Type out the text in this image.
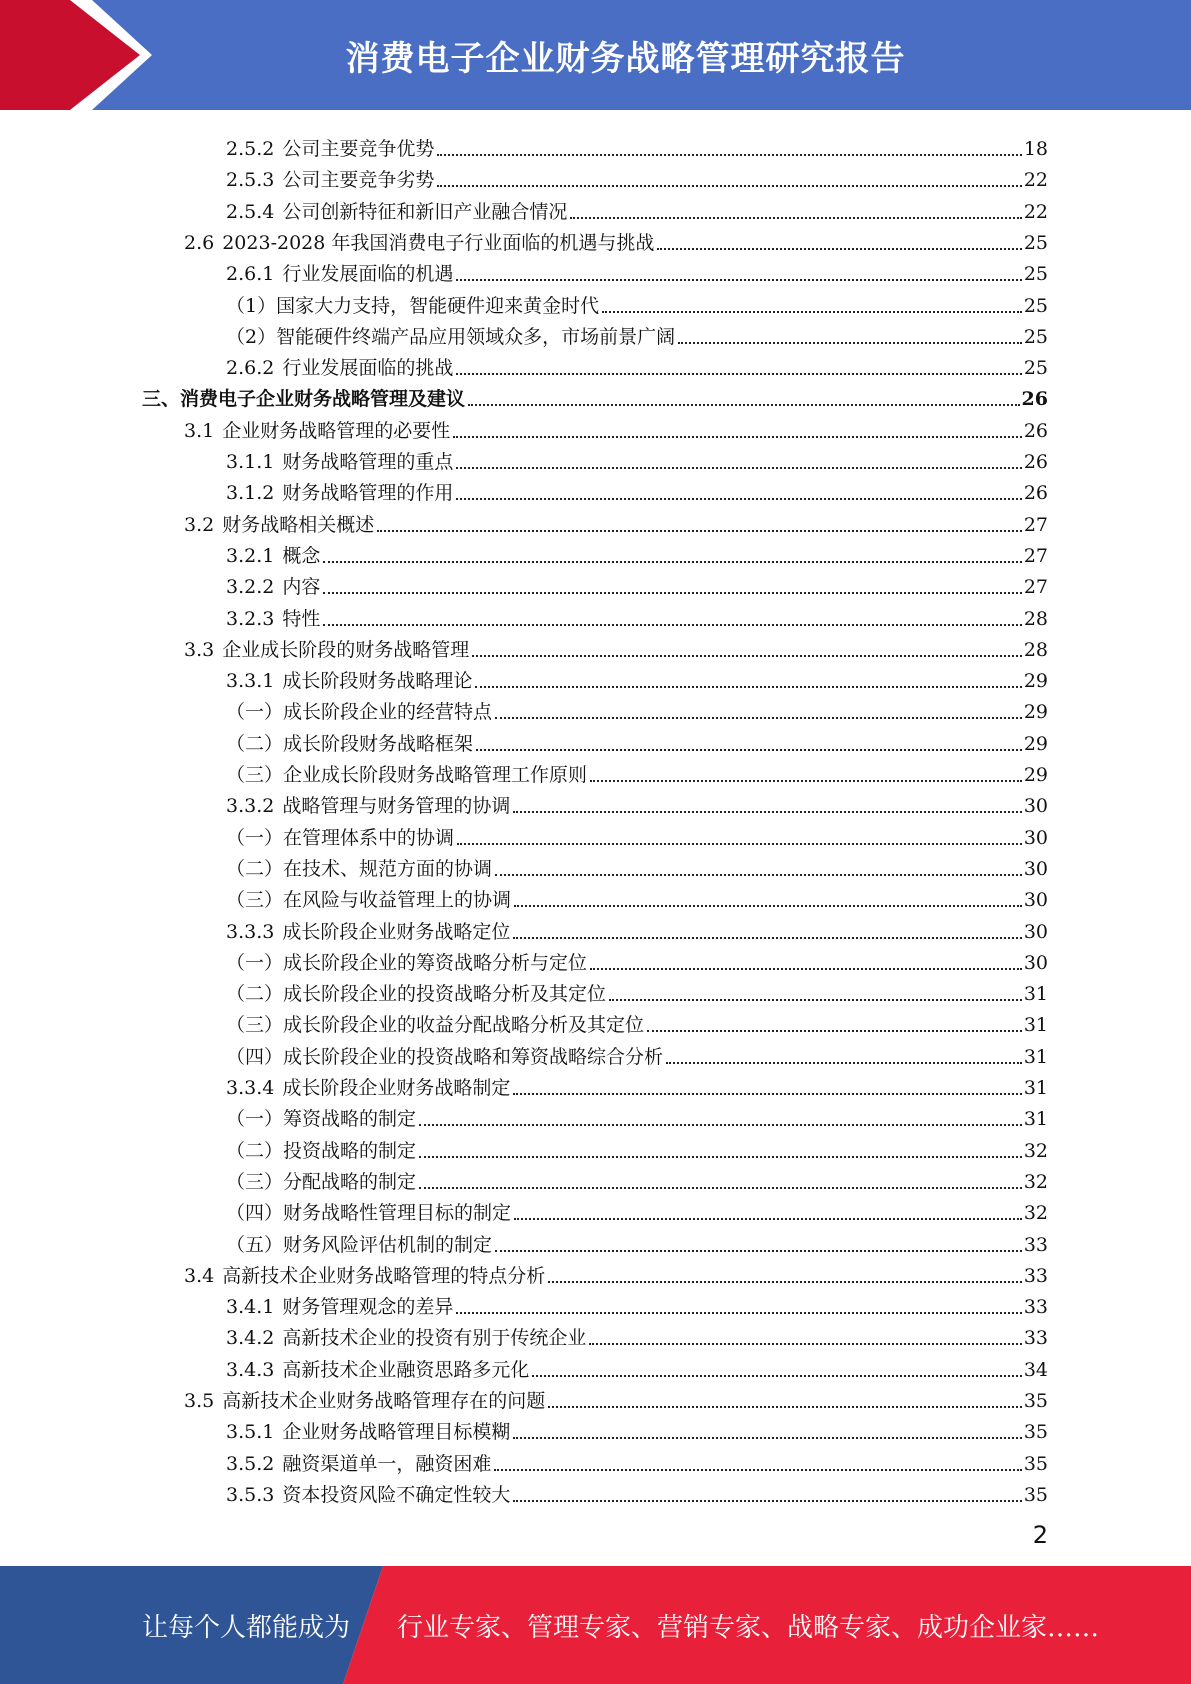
消费电子企业财务战略管理研究报告
2.5.2 公司主要竞争优势	18
2.5.3 公司主要竞争劣势	22
2.5.4 公司创新特征和新旧产业融合情况	22
2.6 2023-2028 年我国消费电子行业面临的机遇与挑战	25
2.6.1 行业发展面临的机遇	25
（1）国家大力支持，智能硬件迎来黄金时代	25
（2）智能硬件终端产品应用领域众多，市场前景广阔	25
2.6.2 行业发展面临的挑战	25
三、消费电子企业财务战略管理及建议	26
3.1 企业财务战略管理的必要性	26
3.1.1 财务战略管理的重点	26
3.1.2 财务战略管理的作用	26
3.2 财务战略相关概述	27
3.2.1 概念	27
3.2.2 内容	27
3.2.3 特性	28
3.3 企业成长阶段的财务战略管理	28
3.3.1 成长阶段财务战略理论	29
（一）成长阶段企业的经营特点	29
（二）成长阶段财务战略框架	29
（三）企业成长阶段财务战略管理工作原则	29
3.3.2 战略管理与财务管理的协调	30
（一）在管理体系中的协调	30
（二）在技术、规范方面的协调	30
（三）在风险与收益管理上的协调	30
3.3.3 成长阶段企业财务战略定位	30
（一）成长阶段企业的筹资战略分析与定位	30
（二）成长阶段企业的投资战略分析及其定位	31
（三）成长阶段企业的收益分配战略分析及其定位	31
（四）成长阶段企业的投资战略和筹资战略综合分析	31
3.3.4 成长阶段企业财务战略制定	31
（一）筹资战略的制定	31
（二）投资战略的制定	32
（三）分配战略的制定	32
（四）财务战略性管理目标的制定	32
（五）财务风险评估机制的制定	33
3.4 高新技术企业财务战略管理的特点分析	33
3.4.1 财务管理观念的差异	33
3.4.2 高新技术企业的投资有别于传统企业	33
3.4.3 高新技术企业融资思路多元化	34
3.5 高新技术企业财务战略管理存在的问题	35
3.5.1 企业财务战略管理目标模糊	35
3.5.2 融资渠道单一，融资困难	35
3.5.3 资本投资风险不确定性较大	35
2
让每个人都能成为 行业专家、管理专家、营销专家、战略专家、成功企业家……
